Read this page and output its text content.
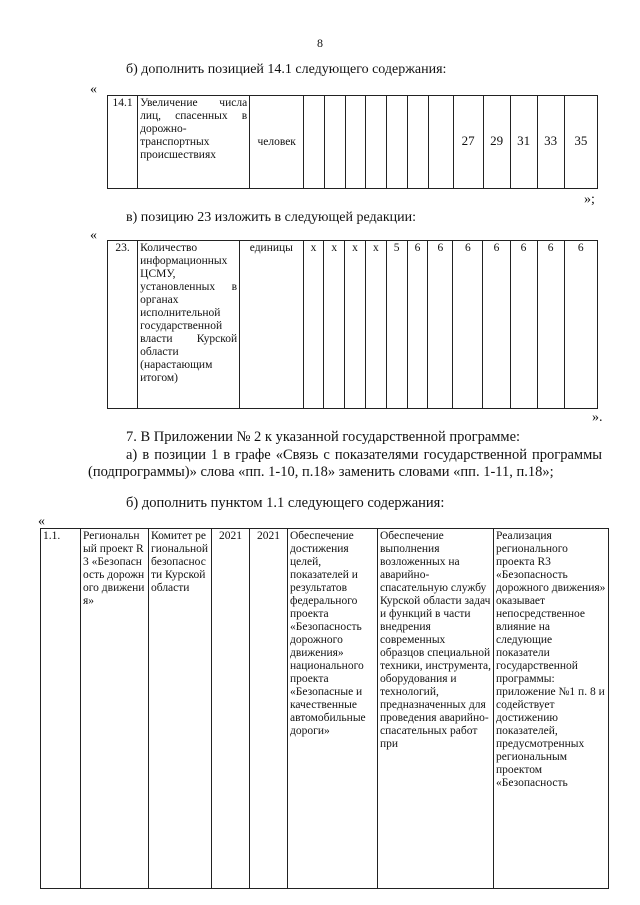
8
б) дополнить позицией 14.1 следующего содержания:
«
14.1	Увеличение числа лиц, спасенных в дорожно-транспортных происшествиях	человек								27	29	31	33	35
»;
в) позицию 23 изложить в следующей редакции:
«
23.	Количество информационных ЦСМУ, установленных в органах исполнительной государственной власти Курской области (нарастающим итогом)	единицы	х	х	х	х	5	6	6	6	6	6	6	6
».
7. В Приложении № 2 к указанной государственной программе:
а) в позиции 1 в графе «Связь с показателями государственной программы (подпрограммы)» слова «пп. 1-10, п.18» заменить словами «пп. 1-11, п.18»;
б) дополнить пунктом 1.1 следующего содержания:
«
1.1.	Региональный проект R3 «Безопасность дорожного движения»	Комитет региональной безопасности Курской области	2021	2021	Обеспечение достижения целей, показателей и результатов федерального проекта «Безопасность дорожного движения» национального проекта «Безопасные и качественные автомобильные дороги»	Обеспечение выполнения возложенных на аварийно-спасательную службу Курской области задач и функций в части внедрения современных образцов специальной техники, инструмента, оборудования и технологий, предназначенных для проведения аварийно-спасательных работ при	Реализация регионального проекта R3 «Безопасность дорожного движения» оказывает непосредственное влияние на следующие показатели государственной программы: приложение №1 п. 8 и содействует достижению показателей, предусмотренных региональным проектом «Безопасность
